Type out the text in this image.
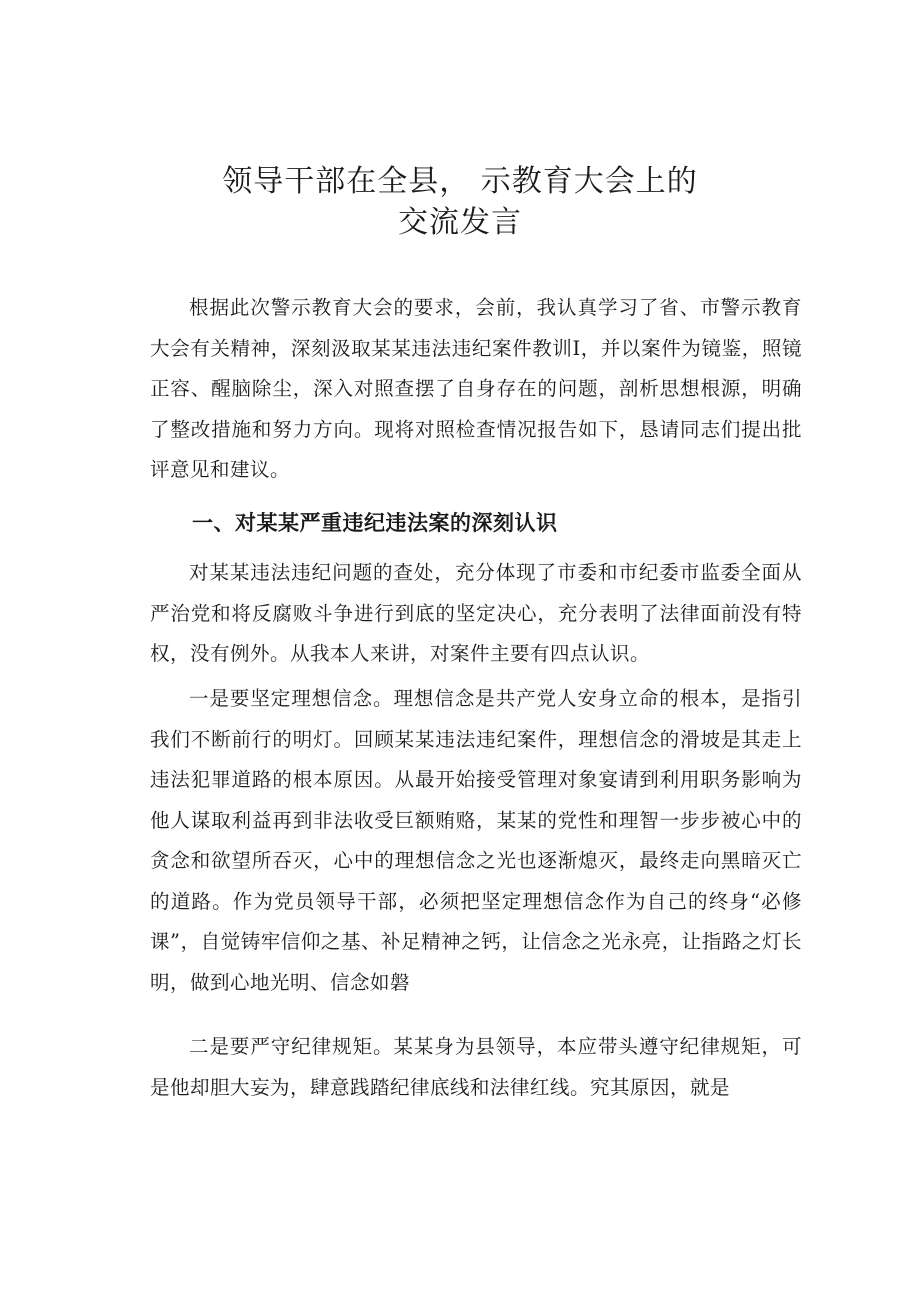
领导干部在全县， 示教育大会上的
交流发言
根据此次警示教育大会的要求，会前，我认真学习了省、市警示教育大会有关精神，深刻汲取某某违法违纪案件教训I，并以案件为镜鉴，照镜正容、醒脑除尘，深入对照查摆了自身存在的问题，剖析思想根源，明确了整改措施和努力方向。现将对照检查情况报告如下，恳请同志们提出批评意见和建议。
一、对某某严重违纪违法案的深刻认识
对某某违法违纪问题的查处，充分体现了市委和市纪委市监委全面从严治党和将反腐败斗争进行到底的坚定决心，充分表明了法律面前没有特权，没有例外。从我本人来讲，对案件主要有四点认识。
一是要坚定理想信念。理想信念是共产党人安身立命的根本，是指引我们不断前行的明灯。回顾某某违法违纪案件，理想信念的滑坡是其走上违法犯罪道路的根本原因。从最开始接受管理对象宴请到利用职务影响为他人谋取利益再到非法收受巨额贿赂，某某的党性和理智一步步被心中的贪念和欲望所吞灭，心中的理想信念之光也逐渐熄灭，最终走向黑暗灭亡的道路。作为党员领导干部，必须把坚定理想信念作为自己的终身“必修课”，自觉铸牢信仰之基、补足精神之钙，让信念之光永亮，让指路之灯长明，做到心地光明、信念如磐
二是要严守纪律规矩。某某身为县领导，本应带头遵守纪律规矩，可是他却胆大妄为，肆意践踏纪律底线和法律红线。究其原因，就是
